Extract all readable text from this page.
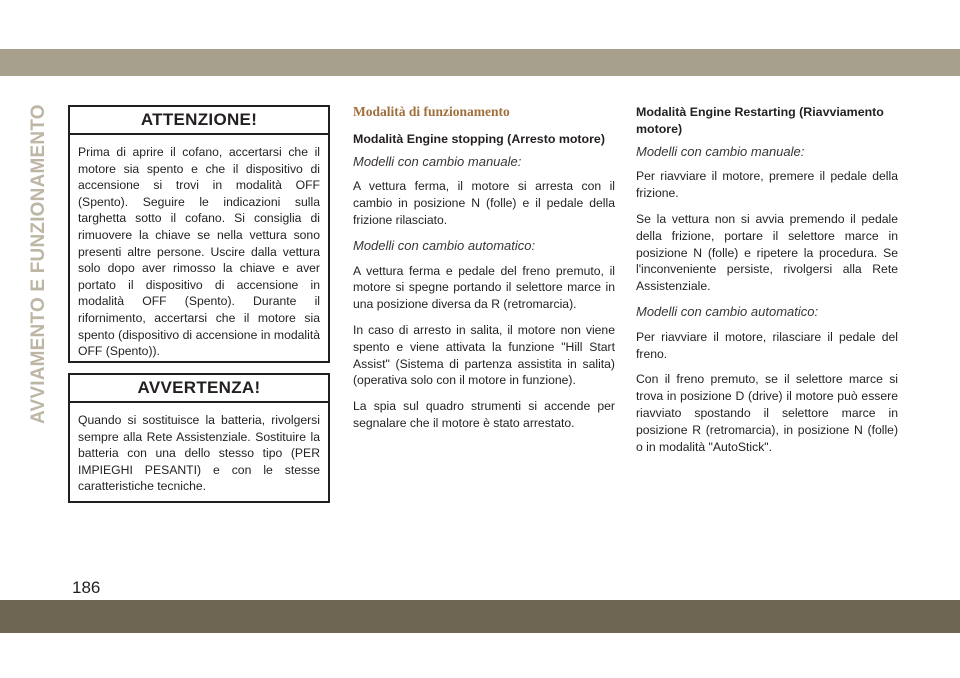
AVVIAMENTO E FUNZIONAMENTO	ATTENZIONE!
Prima di aprire il cofano, accertarsi che il motore sia spento e che il dispositivo di accensione si trovi in modalità OFF (Spento). Seguire le indicazioni sulla targhetta sotto il cofano. Si consiglia di rimuovere la chiave se nella vettura sono presenti altre persone. Uscire dalla vettura solo dopo aver rimosso la chiave e aver portato il dispositivo di accensione in modalità OFF (Spento). Durante il rifornimento, accertarsi che il motore sia spento (dispositivo di accensione in modalità OFF (Spento)).
AVVERTENZA!
Quando si sostituisce la batteria, rivolgersi sempre alla Rete Assistenziale. Sostituire la batteria con una dello stesso tipo (PER IMPIEGHI PESANTI) e con le stesse caratteristiche tecniche.
Modalità di funzionamento
Modalità Engine stopping (Arresto motore)
Modelli con cambio manuale:

A vettura ferma, il motore si arresta con il cambio in posizione N (folle) e il pedale della frizione rilasciato.

Modelli con cambio automatico:

A vettura ferma e pedale del freno premuto, il motore si spegne portando il selettore marce in una posizione diversa da R (retromarcia).

In caso di arresto in salita, il motore non viene spento e viene attivata la funzione "Hill Start Assist" (Sistema di partenza assistita in salita) (operativa solo con il motore in funzione).

La spia sul quadro strumenti si accende per segnalare che il motore è stato arrestato.

Modalità Engine Restarting (Riavviamento motore)
Modelli con cambio manuale:

Per riavviare il motore, premere il pedale della frizione.

Se la vettura non si avvia premendo il pedale della frizione, portare il selettore marce in posizione N (folle) e ripetere la procedura. Se l'inconveniente persiste, rivolgersi alla Rete Assistenziale.

Modelli con cambio automatico:

Per riavviare il motore, rilasciare il pedale del freno.

Con il freno premuto, se il selettore marce si trova in posizione D (drive) il motore può essere riavviato spostando il selettore marce in posizione R (retromarcia), in posizione N (folle) o in modalità "AutoStick".

186
